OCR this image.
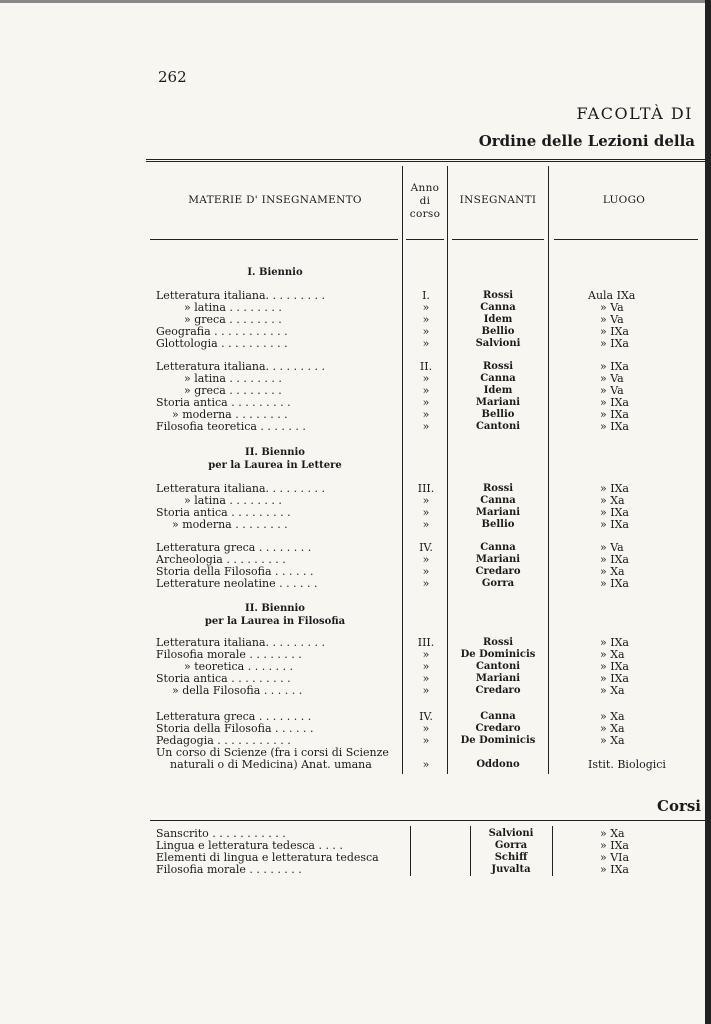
262
FACOLTÀ DI
Ordine delle Lezioni della
MATERIE D' INSEGNAMENTO
Anno
di
corso
INSEGNANTI	LUOGO
I. Biennio
II. Biennio
per la Laurea in Lettere
II. Biennio
per la Laurea in Filosofia
Letteratura italiana. . . . . . . . .	I.	Rossi	Aula IXa
» latina . . . . . . . .	»	Canna	» Va
» greca . . . . . . . .	»	Idem	» Va
Geografia . . . . . . . . . . .	»	Bellio	» IXa
Glottologia . . . . . . . . . .	»	Salvioni	» IXa
Letteratura italiana. . . . . . . . .	II.	Rossi	» IXa
» latina . . . . . . . .	»	Canna	» Va
» greca . . . . . . . .	»	Idem	» Va
Storia antica . . . . . . . . .	»	Mariani	» IXa
» moderna . . . . . . . .	»	Bellio	» IXa
Filosofia teoretica . . . . . . .	»	Cantoni	» IXa
Letteratura italiana. . . . . . . . .	III.	Rossi	» IXa
» latina . . . . . . . .	»	Canna	» Xa
Storia antica . . . . . . . . .	»	Mariani	» IXa
» moderna . . . . . . . .	»	Bellio	» IXa
Letteratura greca . . . . . . . .	IV.	Canna	» Va
Archeologia . . . . . . . . .	»	Mariani	» IXa
Storia della Filosofia . . . . . .	»	Credaro	» Xa
Letterature neolatine . . . . . .	»	Gorra	» IXa
Letteratura italiana. . . . . . . . .	III.	Rossi	» IXa
Filosofia morale . . . . . . . .	»	De Dominicis	» Xa
» teoretica . . . . . . .	»	Cantoni	» IXa
Storia antica . . . . . . . . .	»	Mariani	» IXa
» della Filosofia . . . . . .	»	Credaro	» Xa
Letteratura greca . . . . . . . .	IV.	Canna	» Xa
Storia della Filosofia . . . . . .	»	Credaro	» Xa
Pedagogia . . . . . . . . . . .	»	De Dominicis	» Xa
Un corso di Scienze (fra i corsi di Scienze
naturali o di Medicina) Anat. umana	»	Oddono	Istit. Biologici
Corsi
Sanscrito . . . . . . . . . . .	Salvioni	» Xa
Lingua e letteratura tedesca . . . .	Gorra	» IXa
Elementi di lingua e letteratura tedesca	Schiff	» VIa
Filosofia morale . . . . . . . .	Juvalta	» IXa
